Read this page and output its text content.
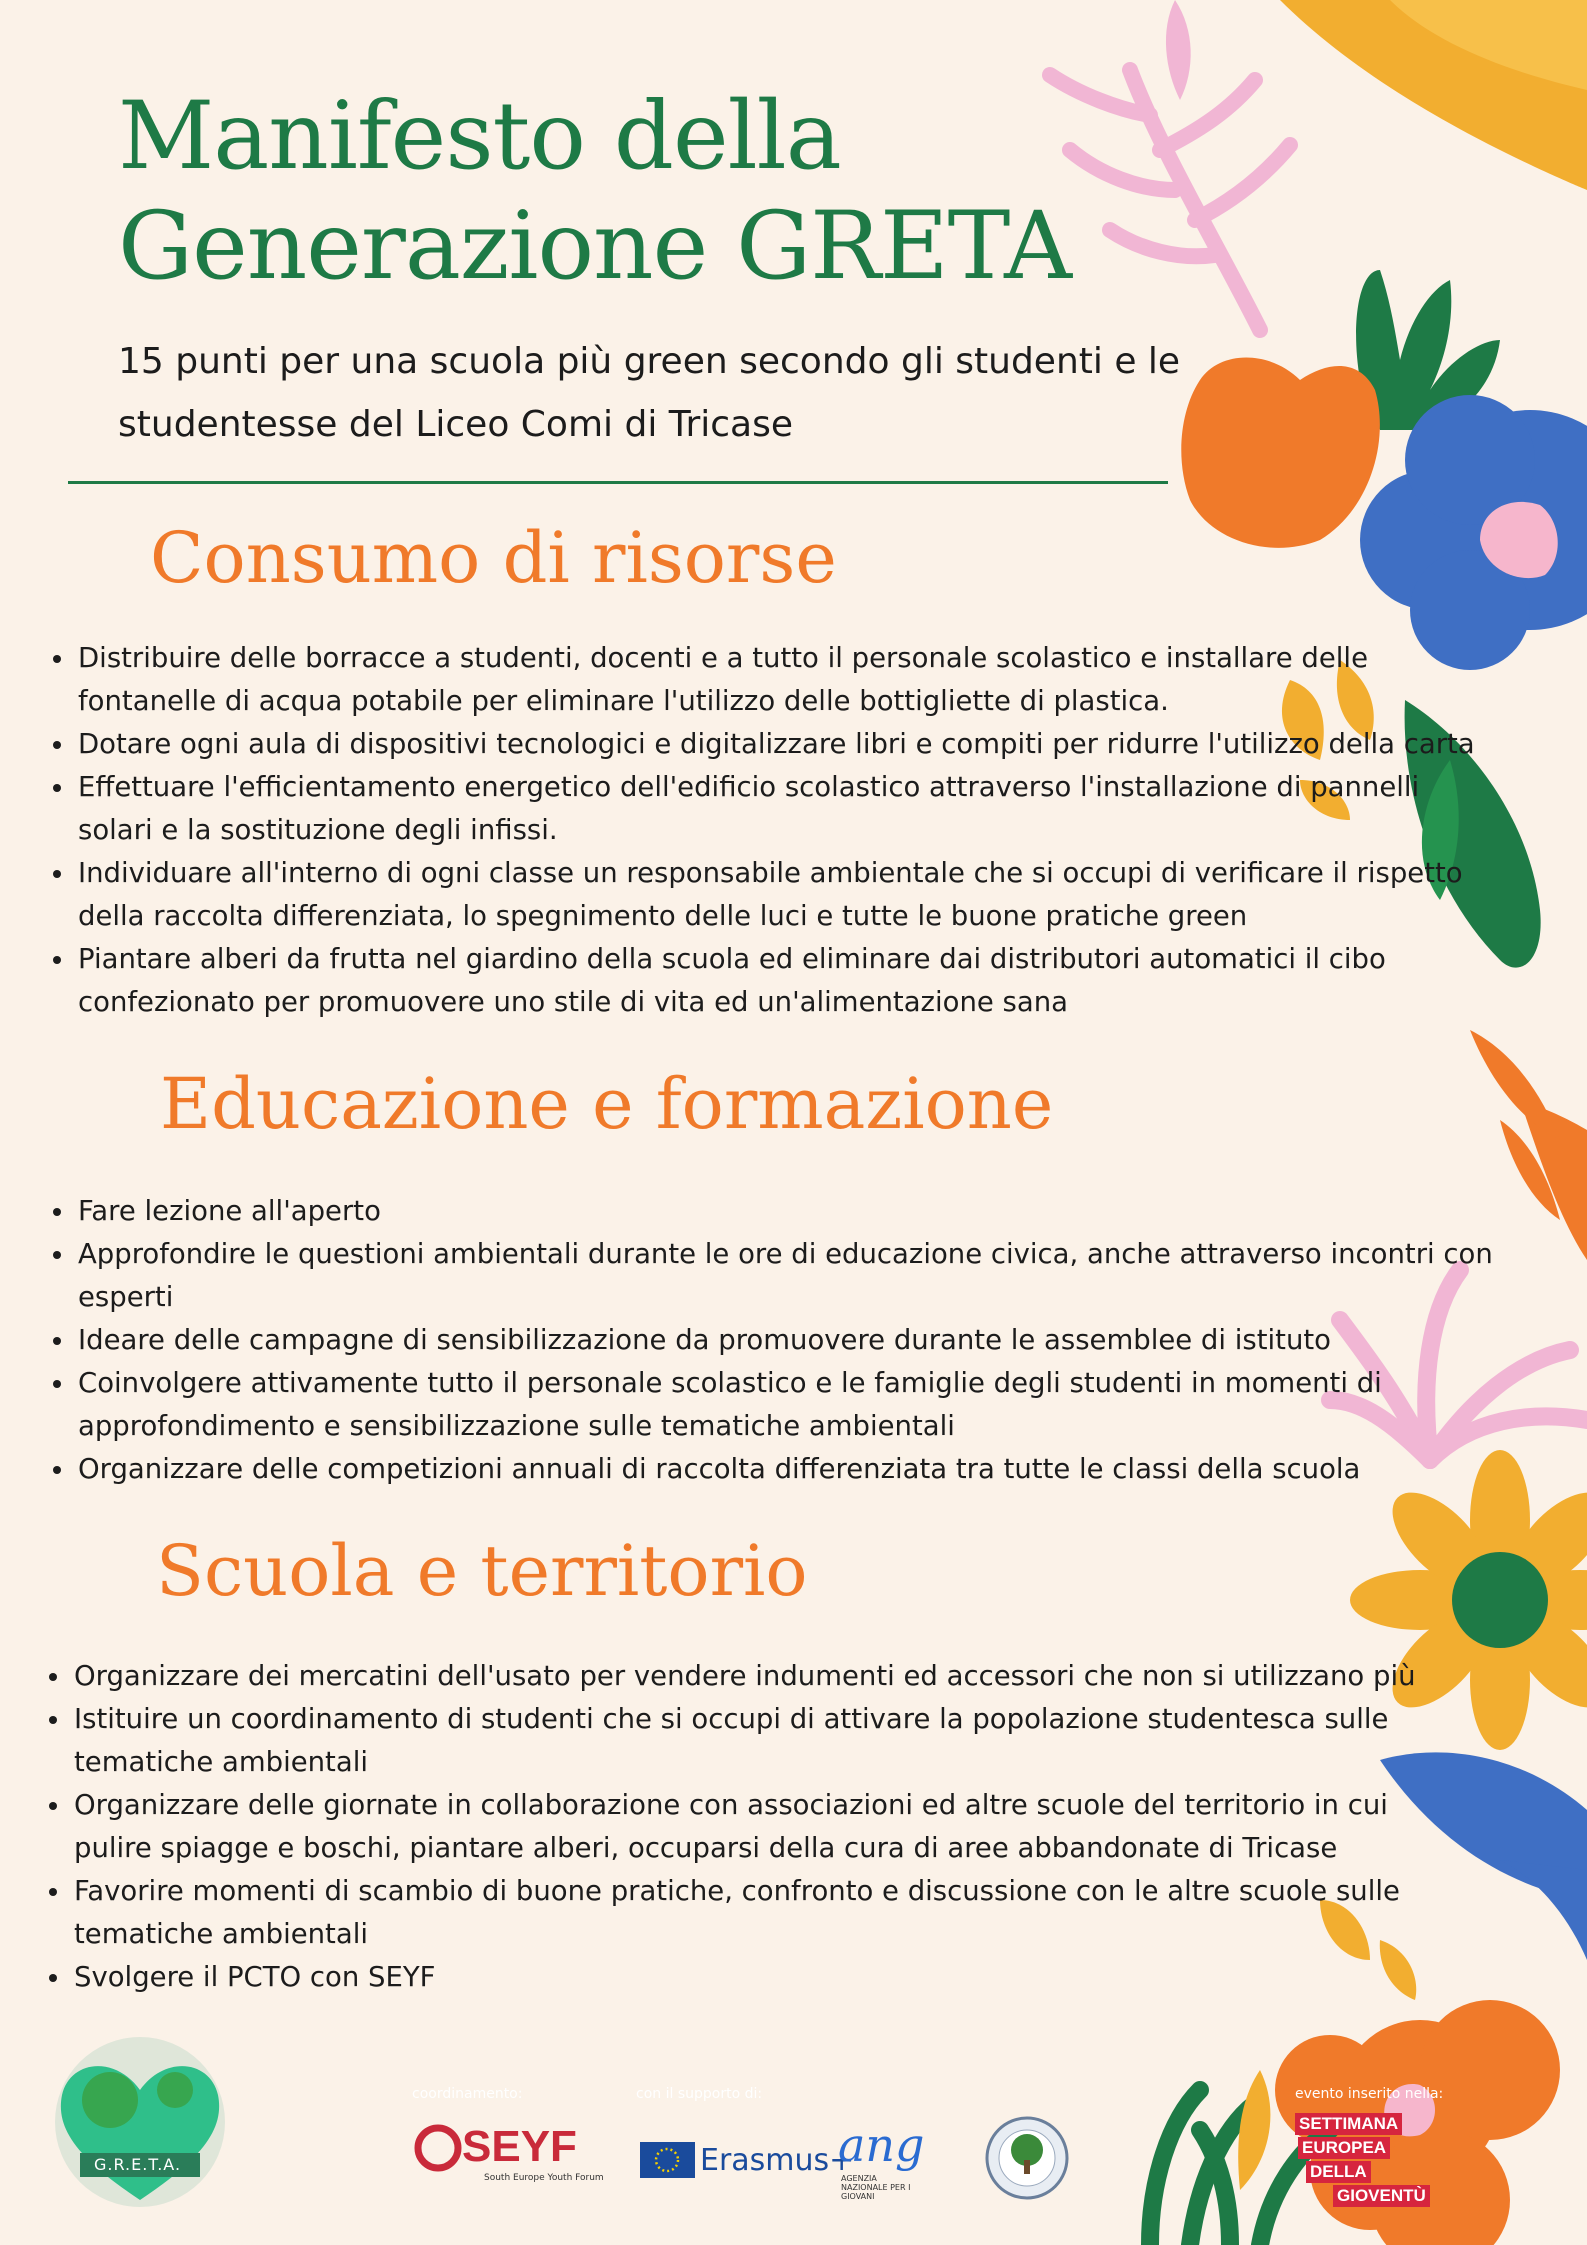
Manifesto della
Generazione GRETA

15 punti per una scuola più green secondo gli studenti e le studentesse del Liceo Comi di Tricase

Consumo di risorse
Distribuire delle borracce a studenti, docenti e a tutto il personale scolastico e installare delle fontanelle di acqua potabile per eliminare l'utilizzo delle bottigliette di plastica.
Dotare ogni aula di dispositivi tecnologici e digitalizzare libri e compiti per ridurre l'utilizzo della carta
Effettuare l'efficientamento energetico dell'edificio scolastico attraverso l'installazione di pannelli solari e la sostituzione degli infissi.
Individuare all'interno di ogni classe un responsabile ambientale che si occupi di verificare il rispetto della raccolta differenziata, lo spegnimento delle luci e tutte le buone pratiche green
Piantare alberi da frutta nel giardino della scuola ed eliminare dai distributori automatici il cibo confezionato per promuovere uno stile di vita ed un'alimentazione sana
Educazione e formazione
Fare lezione all'aperto
Approfondire le questioni ambientali durante le ore di educazione civica, anche attraverso incontri con esperti
Ideare delle campagne di sensibilizzazione da promuovere durante le assemblee di istituto
Coinvolgere attivamente tutto il personale scolastico e le famiglie degli studenti in momenti di approfondimento e sensibilizzazione sulle tematiche ambientali
Organizzare delle competizioni annuali di raccolta differenziata tra tutte le classi della scuola
Scuola e territorio
Organizzare dei mercatini dell'usato per vendere indumenti ed accessori che non si utilizzano più
Istituire un coordinamento di studenti che si occupi di attivare la popolazione studentesca sulle tematiche ambientali
Organizzare delle giornate in collaborazione con associazioni ed altre scuole del territorio in cui pulire spiagge e boschi, piantare alberi, occuparsi della cura di aree abbandonate di Tricase
Favorire momenti di scambio di buone pratiche, confronto e discussione con le altre scuole sulle tematiche ambientali
Svolgere il PCTO con SEYF
G.R.E.T.A.
coordinamento:
SEYF
South Europe Youth Forum
con il supporto di:
Erasmus+
ang
AGENZIA NAZIONALE PER I GIOVANI
evento inserito nella:
SETTIMANA
EUROPEA
DELLA
GIOVENTÙ
